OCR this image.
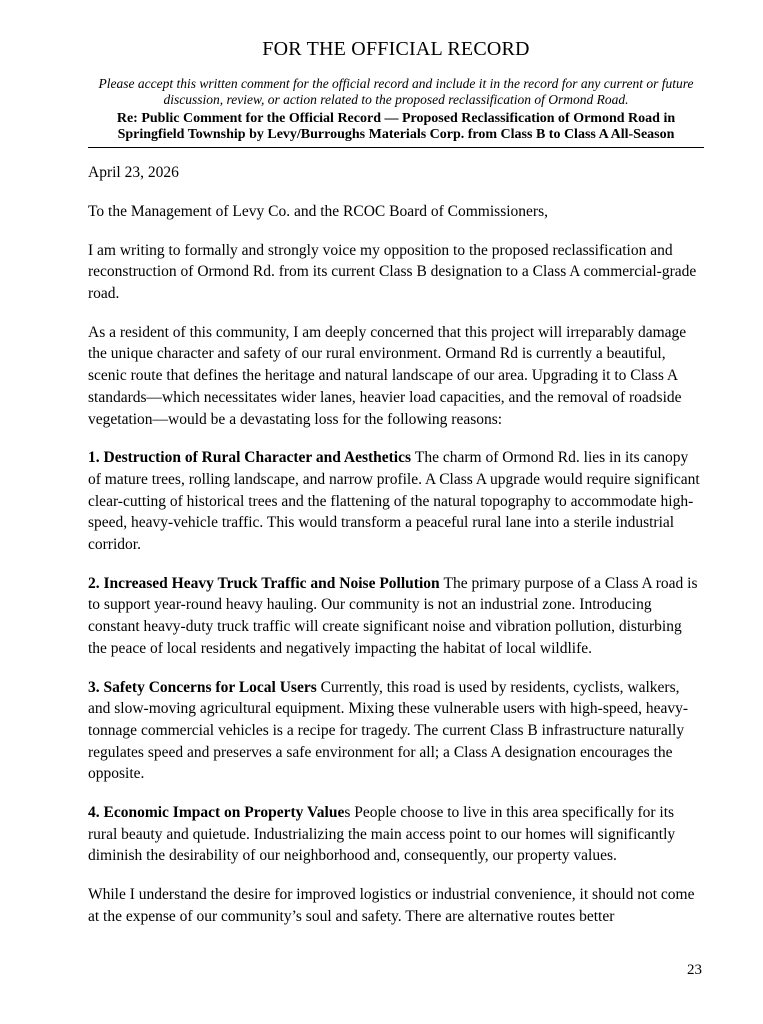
FOR THE OFFICIAL RECORD
Please accept this written comment for the official record and include it in the record for any current or future discussion, review, or action related to the proposed reclassification of Ormond Road.
Re: Public Comment for the Official Record — Proposed Reclassification of Ormond Road in Springfield Township by Levy/Burroughs Materials Corp. from Class B to Class A All-Season

April 23, 2026

To the Management of Levy Co. and the RCOC Board of Commissioners,

I am writing to formally and strongly voice my opposition to the proposed reclassification and reconstruction of Ormond Rd. from its current Class B designation to a Class A commercial-grade road.

As a resident of this community, I am deeply concerned that this project will irreparably damage the unique character and safety of our rural environment. Ormand Rd is currently a beautiful, scenic route that defines the heritage and natural landscape of our area. Upgrading it to Class A standards—which necessitates wider lanes, heavier load capacities, and the removal of roadside vegetation—would be a devastating loss for the following reasons:

1. Destruction of Rural Character and Aesthetics The charm of Ormond Rd. lies in its canopy of mature trees, rolling landscape, and narrow profile. A Class A upgrade would require significant clear-cutting of historical trees and the flattening of the natural topography to accommodate high-speed, heavy-vehicle traffic. This would transform a peaceful rural lane into a sterile industrial corridor.

2. Increased Heavy Truck Traffic and Noise Pollution The primary purpose of a Class A road is to support year-round heavy hauling. Our community is not an industrial zone. Introducing constant heavy-duty truck traffic will create significant noise and vibration pollution, disturbing the peace of local residents and negatively impacting the habitat of local wildlife.

3. Safety Concerns for Local Users Currently, this road is used by residents, cyclists, walkers, and slow-moving agricultural equipment. Mixing these vulnerable users with high-speed, heavy-tonnage commercial vehicles is a recipe for tragedy. The current Class B infrastructure naturally regulates speed and preserves a safe environment for all; a Class A designation encourages the opposite.

4. Economic Impact on Property Values People choose to live in this area specifically for its rural beauty and quietude. Industrializing the main access point to our homes will significantly diminish the desirability of our neighborhood and, consequently, our property values.

While I understand the desire for improved logistics or industrial convenience, it should not come at the expense of our community’s soul and safety. There are alternative routes better

23
